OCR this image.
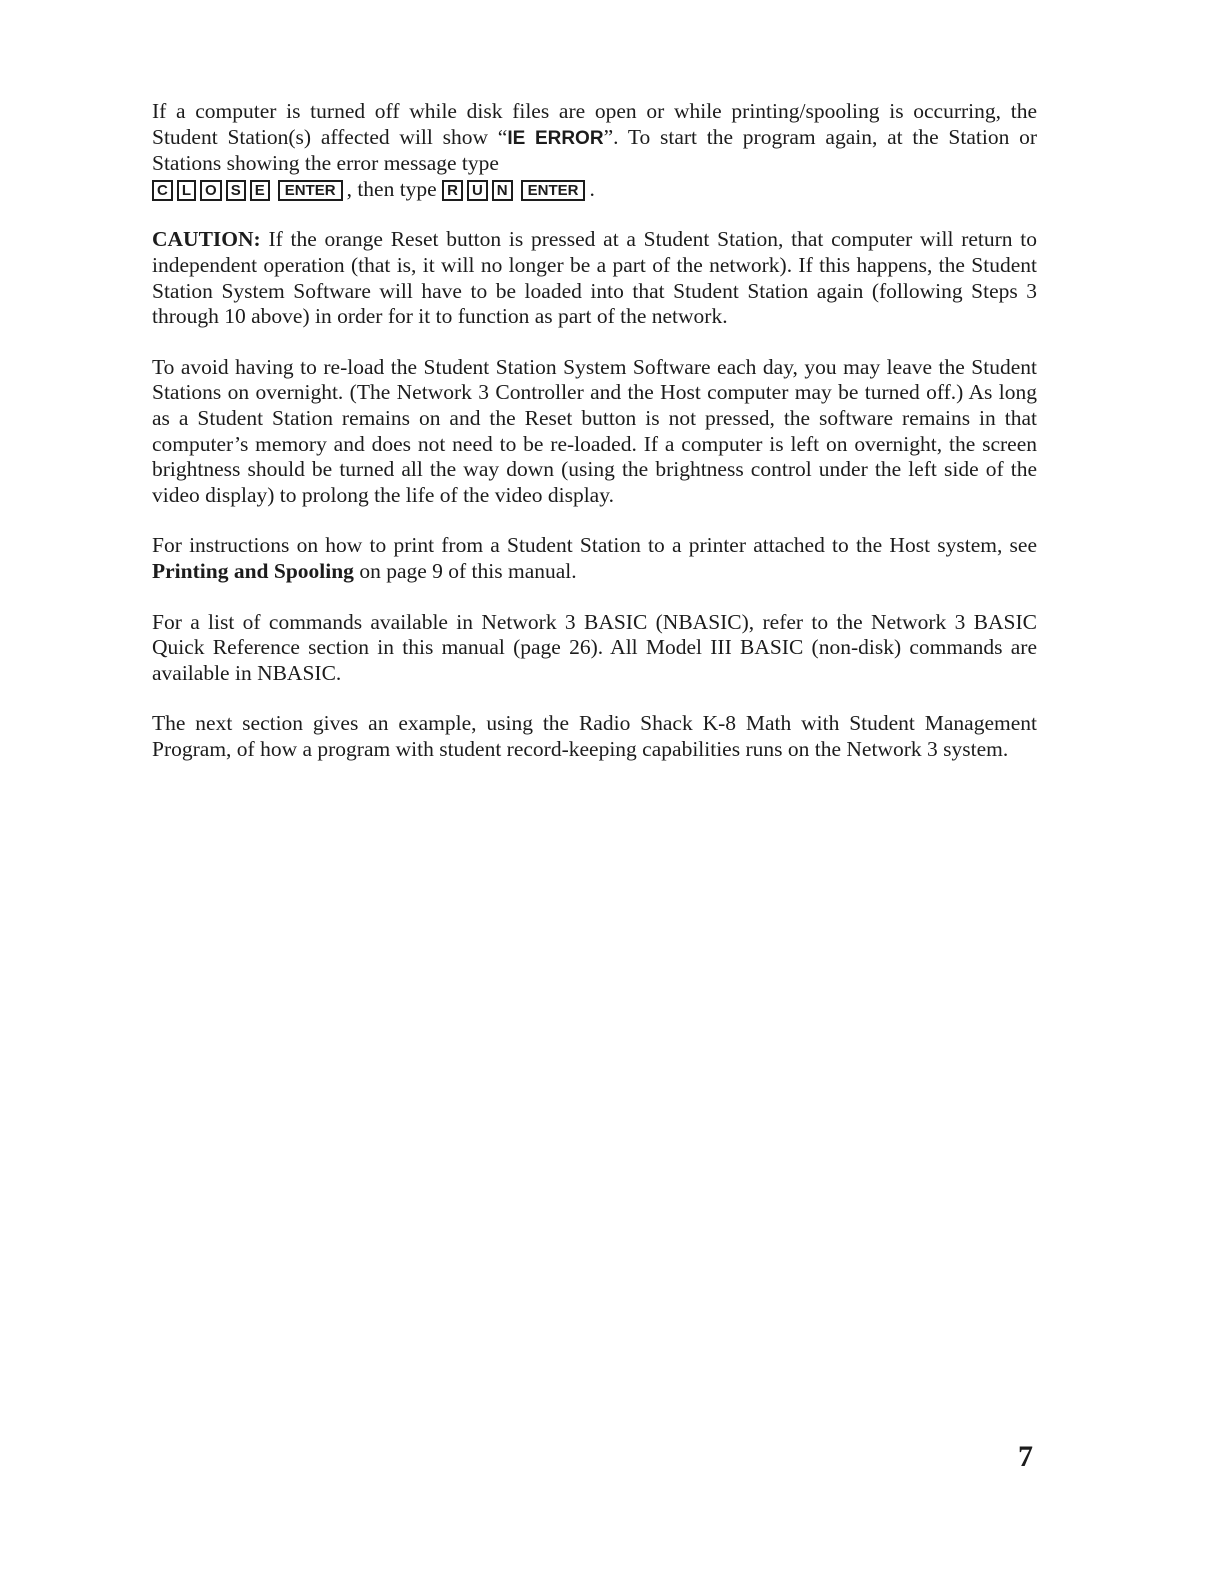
If a computer is turned off while disk files are open or while printing/spooling is occurring, the Student Station(s) affected will show “IE ERROR”. To start the program again, at the Station or Stations showing the error message type
C L O S E ENTER , then type R U N ENTER .

CAUTION: If the orange Reset button is pressed at a Student Station, that computer will return to independent operation (that is, it will no longer be a part of the network). If this happens, the Student Station System Software will have to be loaded into that Student Station again (following Steps 3 through 10 above) in order for it to function as part of the network.

To avoid having to re-load the Student Station System Software each day, you may leave the Student Stations on overnight. (The Network 3 Controller and the Host computer may be turned off.) As long as a Student Station remains on and the Reset button is not pressed, the software remains in that computer’s memory and does not need to be re-loaded. If a computer is left on overnight, the screen brightness should be turned all the way down (using the brightness control under the left side of the video display) to prolong the life of the video display.

For instructions on how to print from a Student Station to a printer attached to the Host system, see Printing and Spooling on page 9 of this manual.

For a list of commands available in Network 3 BASIC (NBASIC), refer to the Network 3 BASIC Quick Reference section in this manual (page 26). All Model III BASIC (non-disk) commands are available in NBASIC.

The next section gives an example, using the Radio Shack K-8 Math with Student Management Program, of how a program with student record-keeping capabilities runs on the Network 3 system.

7
